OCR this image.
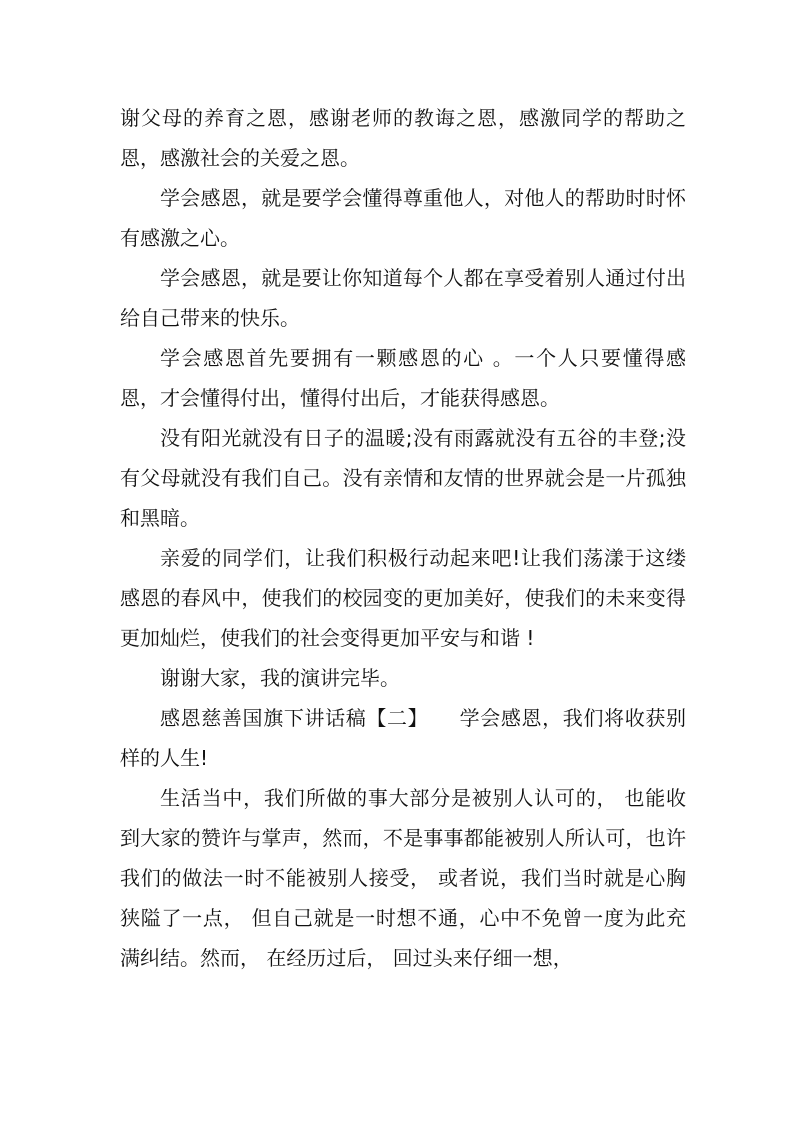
谢父母的养育之恩，感谢老师的教诲之恩，感激同学的帮助之恩，感激社会的关爱之恩。

学会感恩，就是要学会懂得尊重他人，对他人的帮助时时怀有感激之心。

学会感恩，就是要让你知道每个人都在享受着别人通过付出给自己带来的快乐。

学会感恩首先要拥有一颗感恩的心 。一个人只要懂得感恩，才会懂得付出，懂得付出后，才能获得感恩。

没有阳光就没有日子的温暖;没有雨露就没有五谷的丰登;没有父母就没有我们自己。没有亲情和友情的世界就会是一片孤独和黑暗。

亲爱的同学们，让我们积极行动起来吧!让我们荡漾于这缕感恩的春风中，使我们的校园变的更加美好，使我们的未来变得更加灿烂，使我们的社会变得更加平安与和谐 !

谢谢大家，我的演讲完毕。

感恩慈善国旗下讲话稿【二】　　学会感恩，我们将收获别样的人生!

生活当中，我们所做的事大部分是被别人认可的， 也能收到大家的赞许与掌声，然而，不是事事都能被别人所认可，也许我们的做法一时不能被别人接受， 或者说，我们当时就是心胸狭隘了一点， 但自己就是一时想不通，心中不免曾一度为此充满纠结。然而， 在经历过后， 回过头来仔细一想，
